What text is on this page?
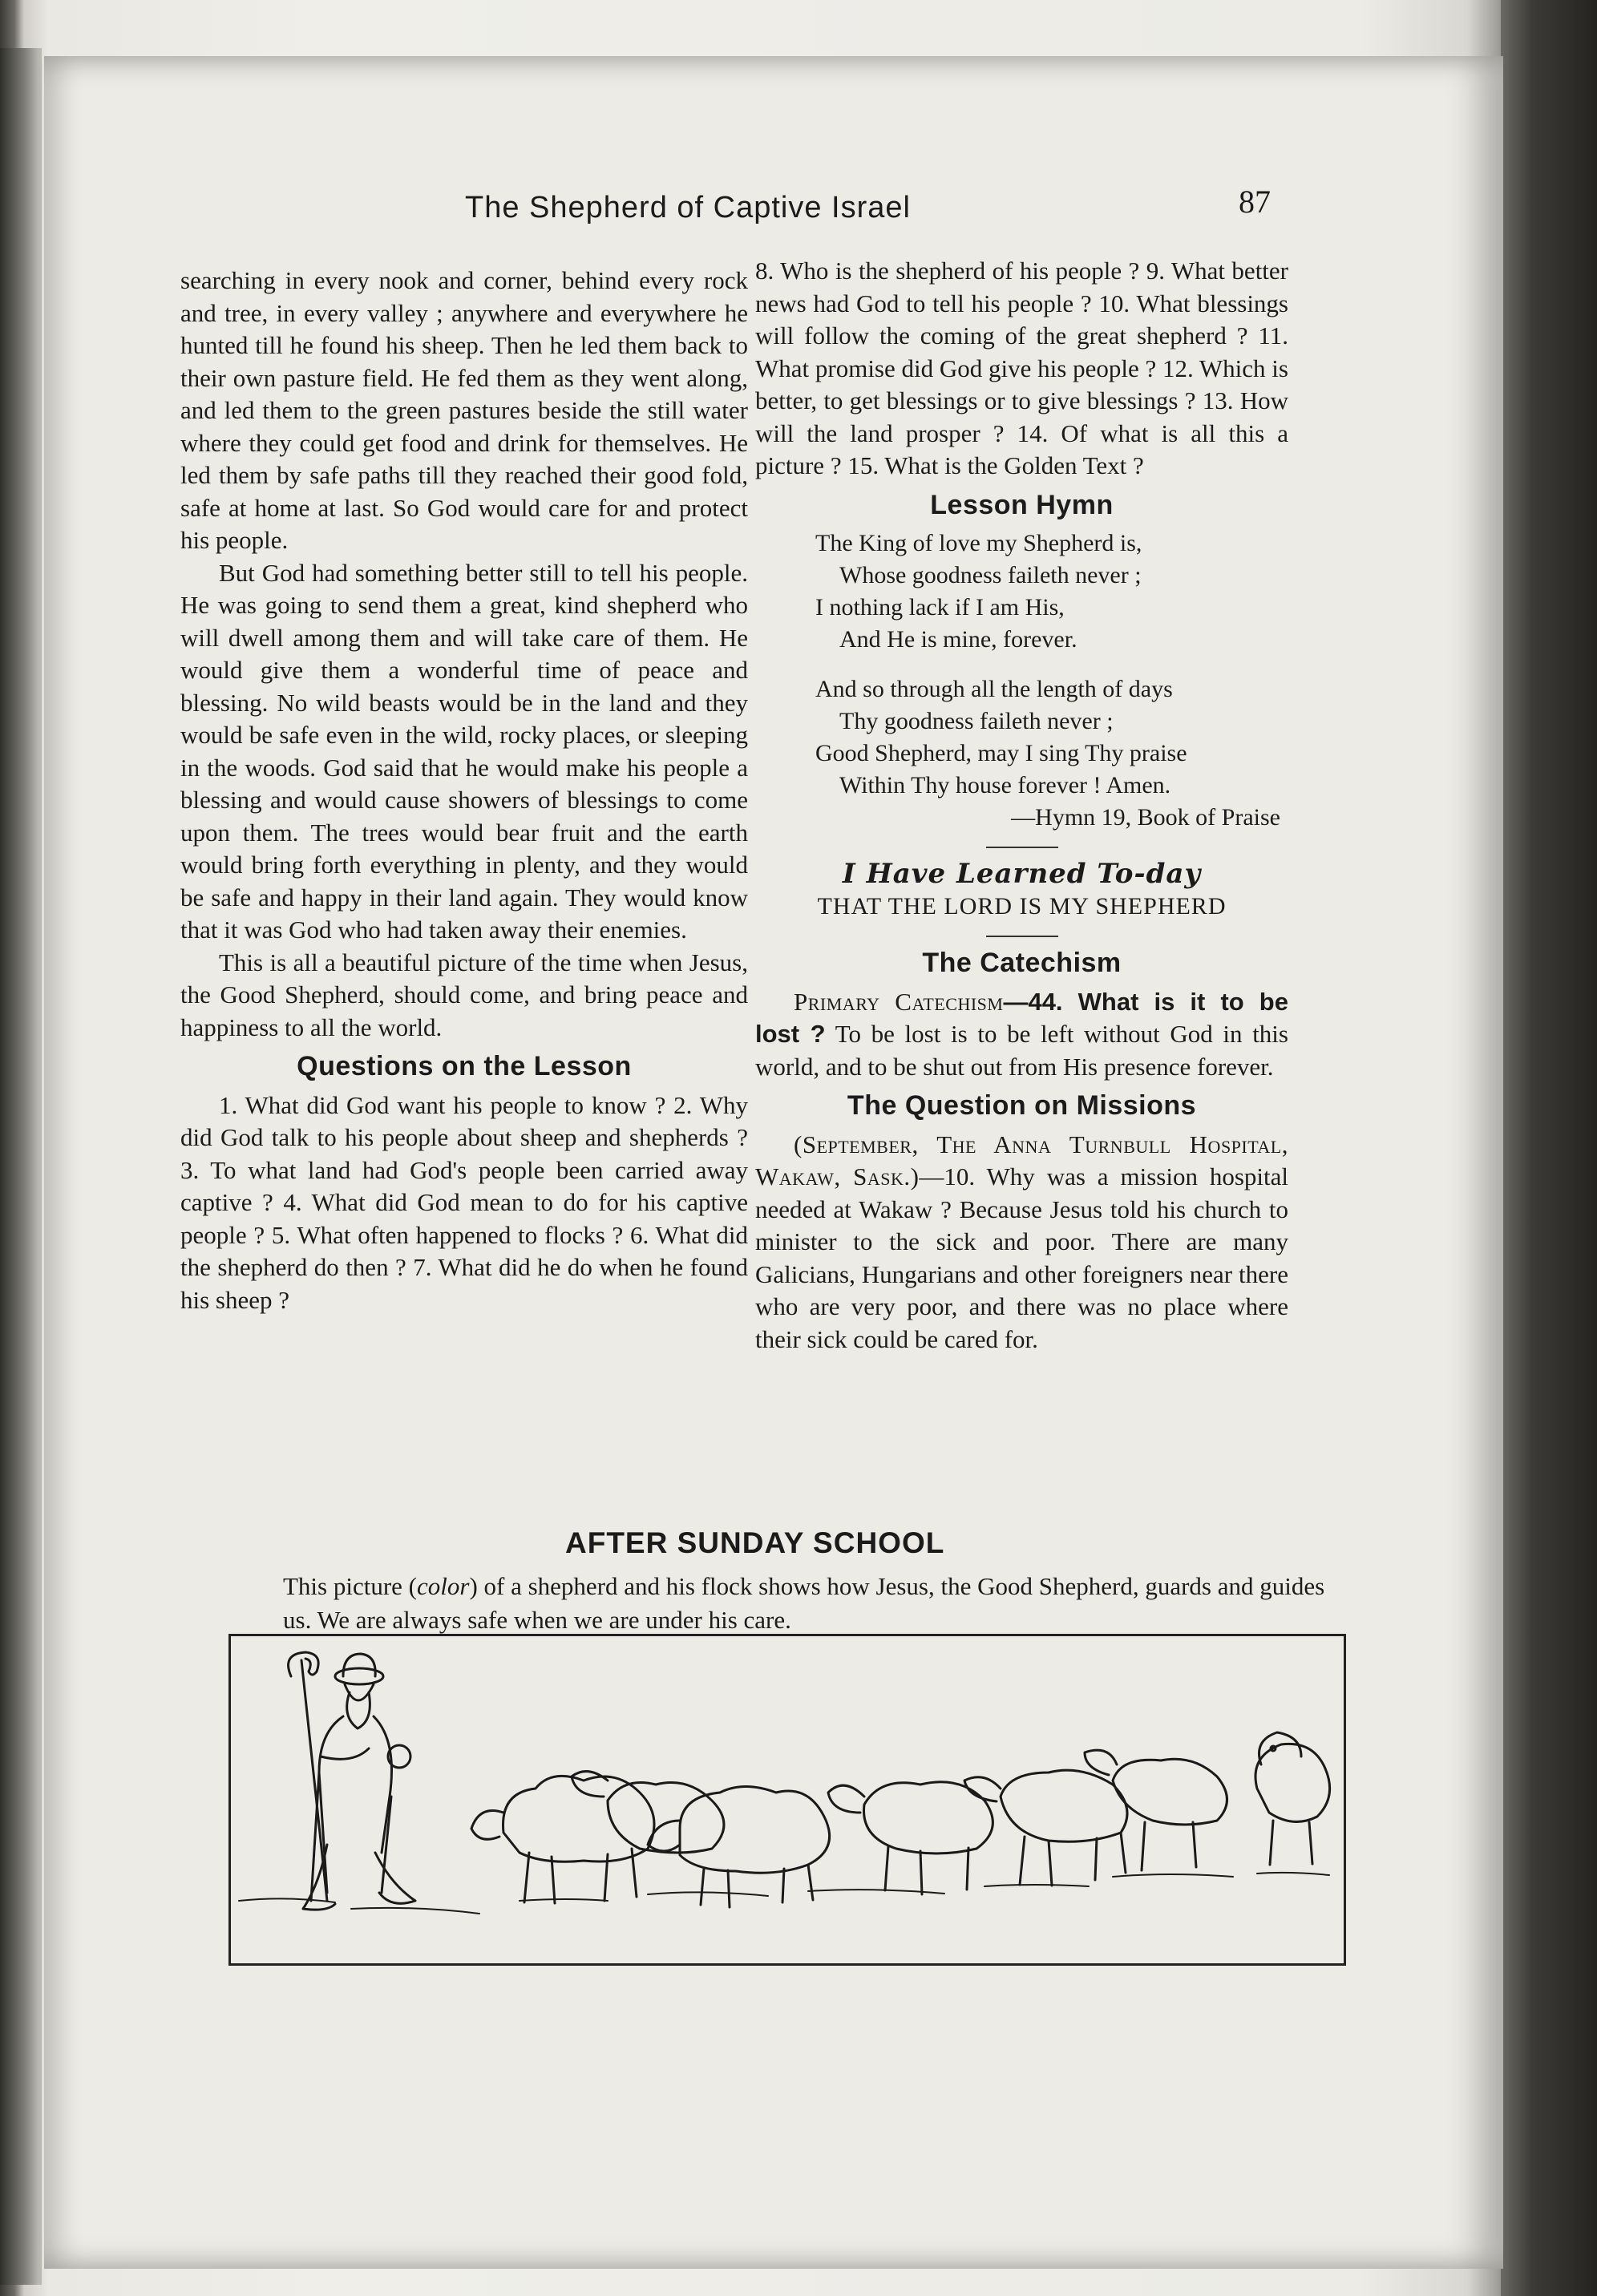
The Shepherd of Captive Israel	87

searching in every nook and corner, behind every rock and tree, in every valley ; anywhere and everywhere he hunted till he found his sheep. Then he led them back to their own pasture field. He fed them as they went along, and led them to the green pastures beside the still water where they could get food and drink for themselves. He led them by safe paths till they reached their good fold, safe at home at last. So God would care for and protect his people.

But God had something better still to tell his people. He was going to send them a great, kind shepherd who will dwell among them and will take care of them. He would give them a wonderful time of peace and blessing. No wild beasts would be in the land and they would be safe even in the wild, rocky places, or sleeping in the woods. God said that he would make his people a blessing and would cause showers of blessings to come upon them. The trees would bear fruit and the earth would bring forth everything in plenty, and they would be safe and happy in their land again. They would know that it was God who had taken away their enemies.

This is all a beautiful picture of the time when Jesus, the Good Shepherd, should come, and bring peace and happiness to all the world.

Questions on the Lesson

1. What did God want his people to know ? 2. Why did God talk to his people about sheep and shepherds ? 3. To what land had God's people been carried away captive ? 4. What did God mean to do for his captive people ? 5. What often happened to flocks ? 6. What did the shepherd do then ? 7. What did he do when he found his sheep ?

8. Who is the shepherd of his people ? 9. What better news had God to tell his people ? 10. What blessings will follow the coming of the great shepherd ? 11. What promise did God give his people ? 12. Which is better, to get blessings or to give blessings ? 13. How will the land prosper ? 14. Of what is all this a picture ? 15. What is the Golden Text ?

Lesson Hymn
The King of love my Shepherd is,
Whose goodness faileth never ;
I nothing lack if I am His,
And He is mine, forever.
And so through all the length of days
Thy goodness faileth never ;
Good Shepherd, may I sing Thy praise
Within Thy house forever ! Amen.
—Hymn 19, Book of Praise
I Have Learned To-day
THAT THE LORD IS MY SHEPHERD
The Catechism

Primary Catechism—44. What is it to be lost ? To be lost is to be left without God in this world, and to be shut out from His presence forever.

The Question on Missions

(September, The Anna Turnbull Hospital, Wakaw, Sask.)—10. Why was a mission hospital needed at Wakaw ? Because Jesus told his church to minister to the sick and poor. There are many Galicians, Hungarians and other foreigners near there who are very poor, and there was no place where their sick could be cared for.

AFTER SUNDAY SCHOOL
This picture (color) of a shepherd and his flock shows how Jesus, the Good Shepherd, guards and guides us. We are always safe when we are under his care.
